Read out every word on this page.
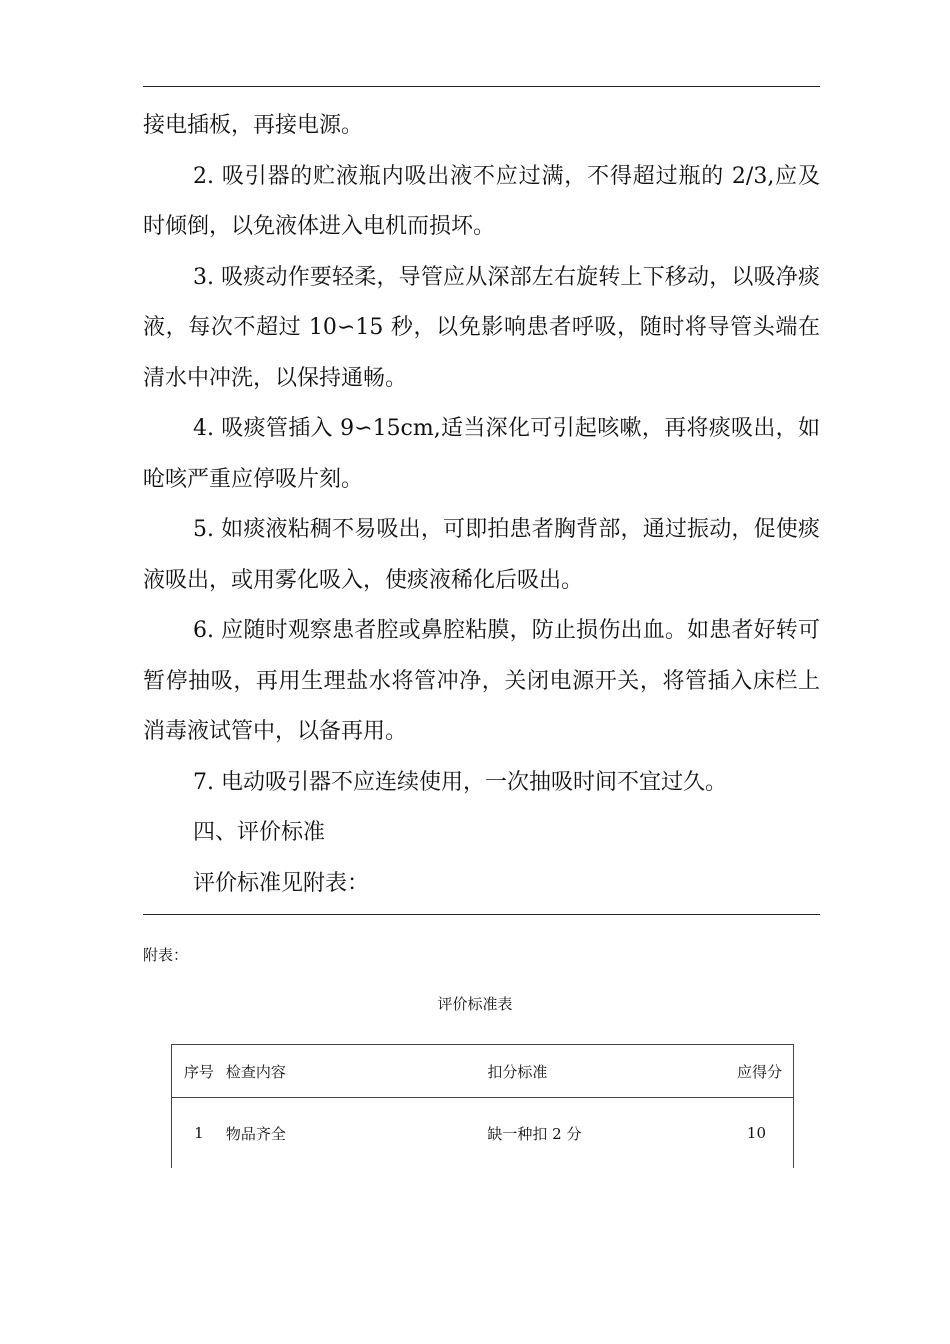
接电插板，再接电源。

2. 吸引器的贮液瓶内吸出液不应过满，不得超过瓶的 2/3,应及时倾倒，以免液体进入电机而损坏。

3. 吸痰动作要轻柔，导管应从深部左右旋转上下移动，以吸净痰液，每次不超过 10∽15 秒，以免影响患者呼吸，随时将导管头端在清水中冲洗，以保持通畅。

4. 吸痰管插入 9∽15cm,适当深化可引起咳嗽，再将痰吸出，如呛咳严重应停吸片刻。

5. 如痰液粘稠不易吸出，可即拍患者胸背部，通过振动，促使痰液吸出，或用雾化吸入，使痰液稀化后吸出。

6. 应随时观察患者腔或鼻腔粘膜，防止损伤出血。如患者好转可暂停抽吸，再用生理盐水将管冲净，关闭电源开关，将管插入床栏上消毒液试管中，以备再用。

7. 电动吸引器不应连续使用，一次抽吸时间不宜过久。

四、评价标准

评价标准见附表：

附表：
评价标准表
序号	检查内容	扣分标准	应得分
1	物品齐全	缺一种扣 2 分	10
